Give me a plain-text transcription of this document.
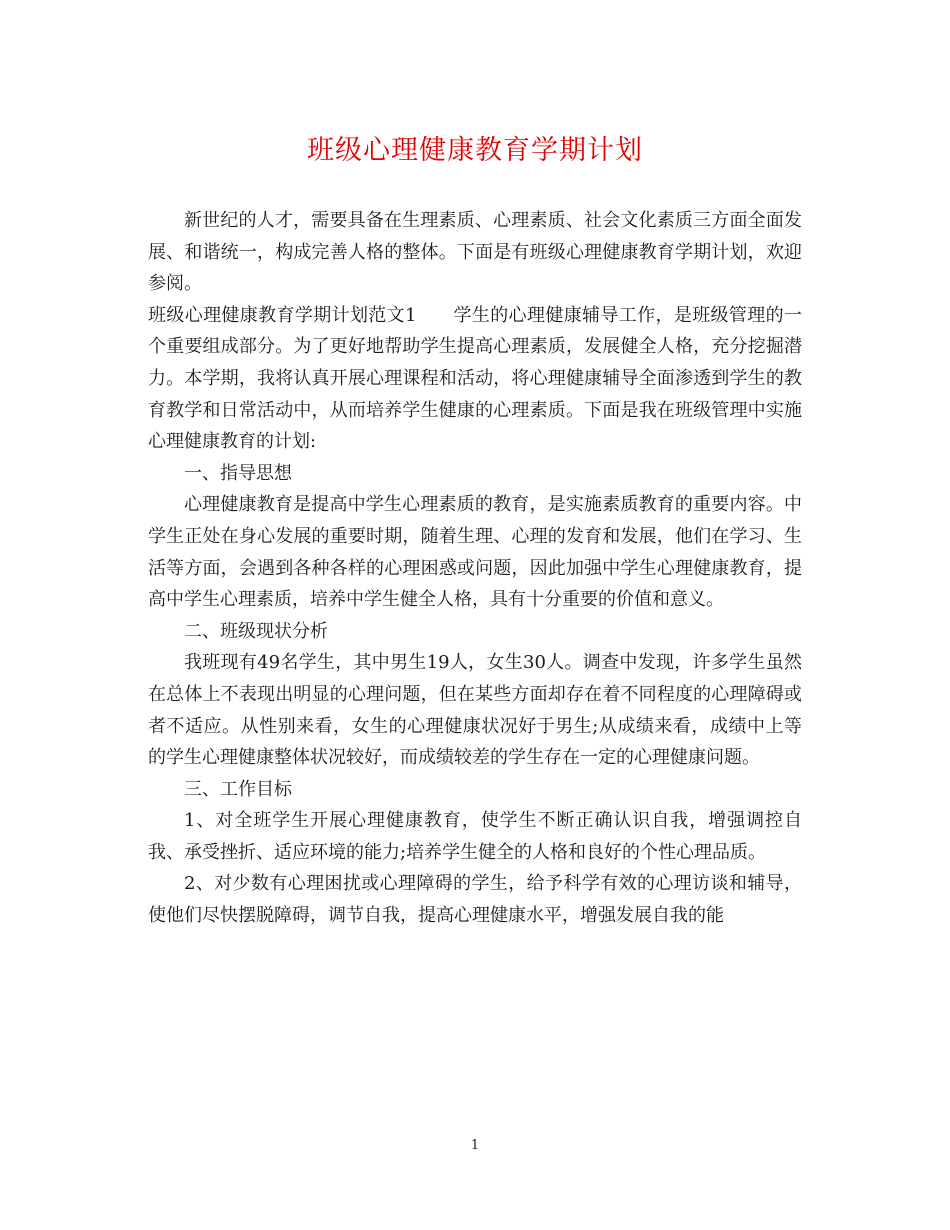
班级心理健康教育学期计划

新世纪的人才，需要具备在生理素质、心理素质、社会文化素质三方面全面发展、和谐统一，构成完善人格的整体。下面是有班级心理健康教育学期计划，欢迎参阅。

班级心理健康教育学期计划范文1　　学生的心理健康辅导工作，是班级管理的一个重要组成部分。为了更好地帮助学生提高心理素质，发展健全人格，充分挖掘潜力。本学期，我将认真开展心理课程和活动，将心理健康辅导全面渗透到学生的教育教学和日常活动中，从而培养学生健康的心理素质。下面是我在班级管理中实施心理健康教育的计划:

一、指导思想

心理健康教育是提高中学生心理素质的教育，是实施素质教育的重要内容。中学生正处在身心发展的重要时期，随着生理、心理的发育和发展，他们在学习、生活等方面，会遇到各种各样的心理困惑或问题，因此加强中学生心理健康教育，提高中学生心理素质，培养中学生健全人格，具有十分重要的价值和意义。

二、班级现状分析

我班现有49名学生，其中男生19人，女生30人。调查中发现，许多学生虽然在总体上不表现出明显的心理问题，但在某些方面却存在着不同程度的心理障碍或者不适应。从性别来看，女生的心理健康状况好于男生;从成绩来看，成绩中上等的学生心理健康整体状况较好，而成绩较差的学生存在一定的心理健康问题。

三、工作目标

1、对全班学生开展心理健康教育，使学生不断正确认识自我，增强调控自我、承受挫折、适应环境的能力;培养学生健全的人格和良好的个性心理品质。

2、对少数有心理困扰或心理障碍的学生，给予科学有效的心理访谈和辅导，使他们尽快摆脱障碍，调节自我，提高心理健康水平，增强发展自我的能

1
